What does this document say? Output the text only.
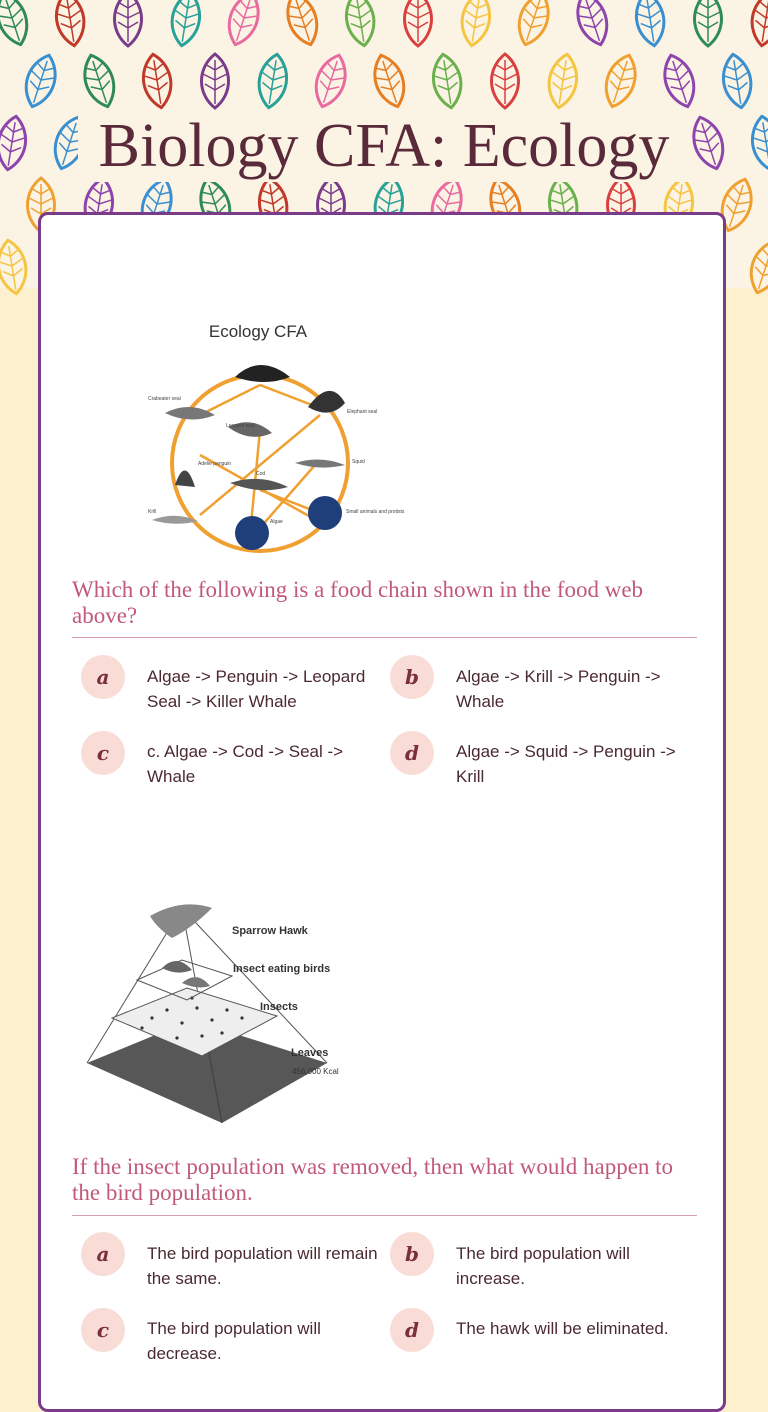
Biology CFA: Ecology
Ecology CFA
Crabeater seal
Leopard seal
Elephant seal
Adelie penguin
Cod
Squid
Krill
Algae
Small animals and protists
Which of the following is a food chain shown in the food web above?
a	Algae -> Penguin -> Leopard Seal -> Killer Whale
b	Algae -> Krill -> Penguin -> Whale
c	c. Algae -> Cod -> Seal -> Whale
d	Algae -> Squid -> Penguin -> Krill
Sparrow Hawk
Insect eating birds
Insects
Leaves
456,000 Kcal
If the insect population was removed, then what would happen to the bird population.
a	The bird population will remain the same.
b	The bird population will increase.
c	The bird population will decrease.
d	The hawk will be eliminated.
